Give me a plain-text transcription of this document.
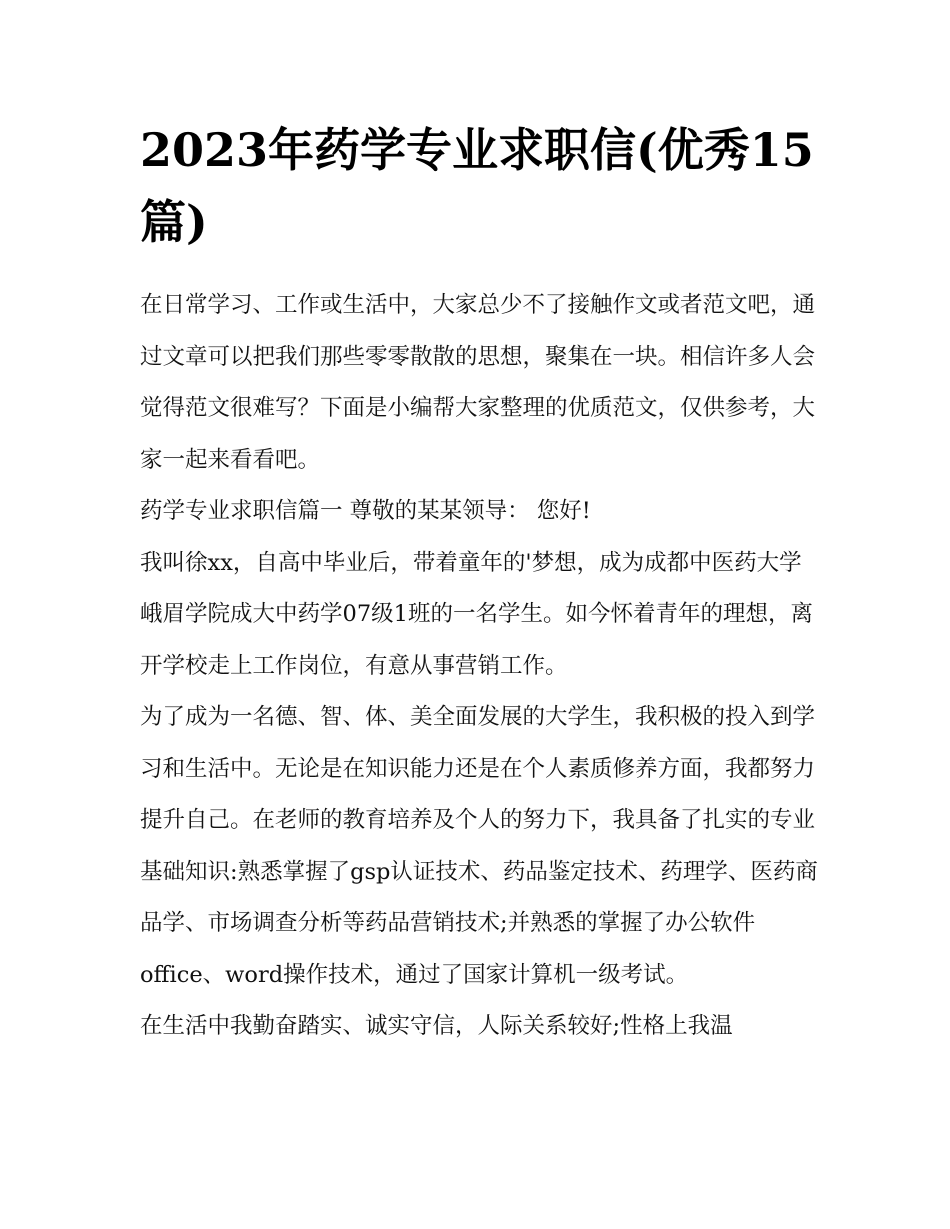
2023年药学专业求职信(优秀15篇)

在日常学习、工作或生活中，大家总少不了接触作文或者范文吧，通过文章可以把我们那些零零散散的思想，聚集在一块。相信许多人会觉得范文很难写？下面是小编帮大家整理的优质范文，仅供参考，大家一起来看看吧。

药学专业求职信篇一 尊敬的某某领导： 您好!

我叫徐xx，自高中毕业后，带着童年的'梦想，成为成都中医药大学峨眉学院成大中药学07级1班的一名学生。如今怀着青年的理想，离开学校走上工作岗位，有意从事营销工作。

为了成为一名德、智、体、美全面发展的大学生，我积极的投入到学习和生活中。无论是在知识能力还是在个人素质修养方面，我都努力提升自己。在老师的教育培养及个人的努力下，我具备了扎实的专业基础知识:熟悉掌握了gsp认证技术、药品鉴定技术、药理学、医药商品学、市场调查分析等药品营销技术;并熟悉的掌握了办公软件office、word操作技术，通过了国家计算机一级考试。

在生活中我勤奋踏实、诚实守信，人际关系较好;性格上我温
